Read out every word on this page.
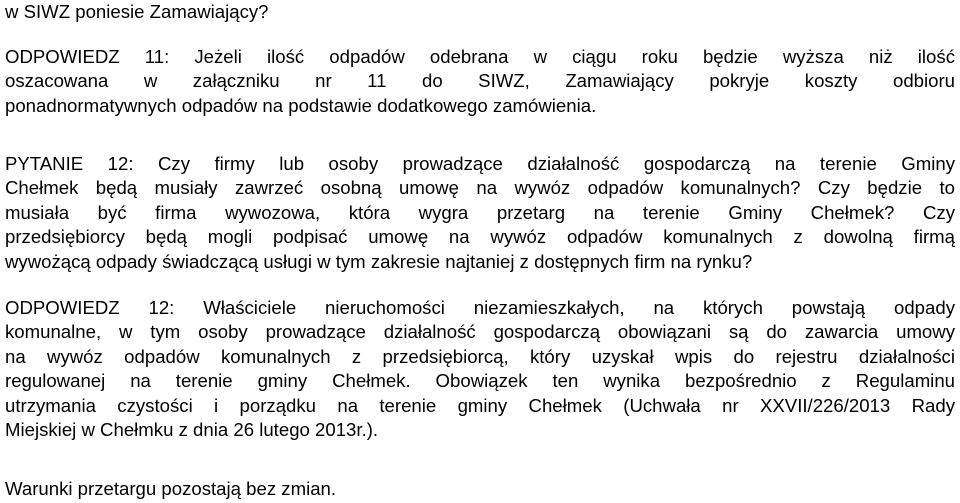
w SIWZ poniesie Zamawiający?
ODPOWIEDZ 11: Jeżeli ilość odpadów odebrana w ciągu roku będzie wyższa niż ilość
oszacowana w załączniku nr 11 do SIWZ, Zamawiający pokryje koszty odbioru
ponadnormatywnych odpadów na podstawie dodatkowego zamówienia.
PYTANIE 12: Czy firmy lub osoby prowadzące działalność gospodarczą na terenie Gminy
Chełmek będą musiały zawrzeć osobną umowę na wywóz odpadów komunalnych? Czy będzie to
musiała być firma wywozowa, która wygra przetarg na terenie Gminy Chełmek? Czy
przedsiębiorcy będą mogli podpisać umowę na wywóz odpadów komunalnych z dowolną firmą
wywożącą odpady świadczącą usługi w tym zakresie najtaniej z dostępnych firm na rynku?
ODPOWIEDZ 12: Właściciele nieruchomości niezamieszkałych, na których powstają odpady
komunalne, w tym osoby prowadzące działalność gospodarczą obowiązani są do zawarcia umowy
na wywóz odpadów komunalnych z przedsiębiorcą, który uzyskał wpis do rejestru działalności
regulowanej na terenie gminy Chełmek. Obowiązek ten wynika bezpośrednio z Regulaminu
utrzymania czystości i porządku na terenie gminy Chełmek (Uchwała nr XXVII/226/2013 Rady
Miejskiej w Chełmku z dnia 26 lutego 2013r.).
Warunki przetargu pozostają bez zmian.
